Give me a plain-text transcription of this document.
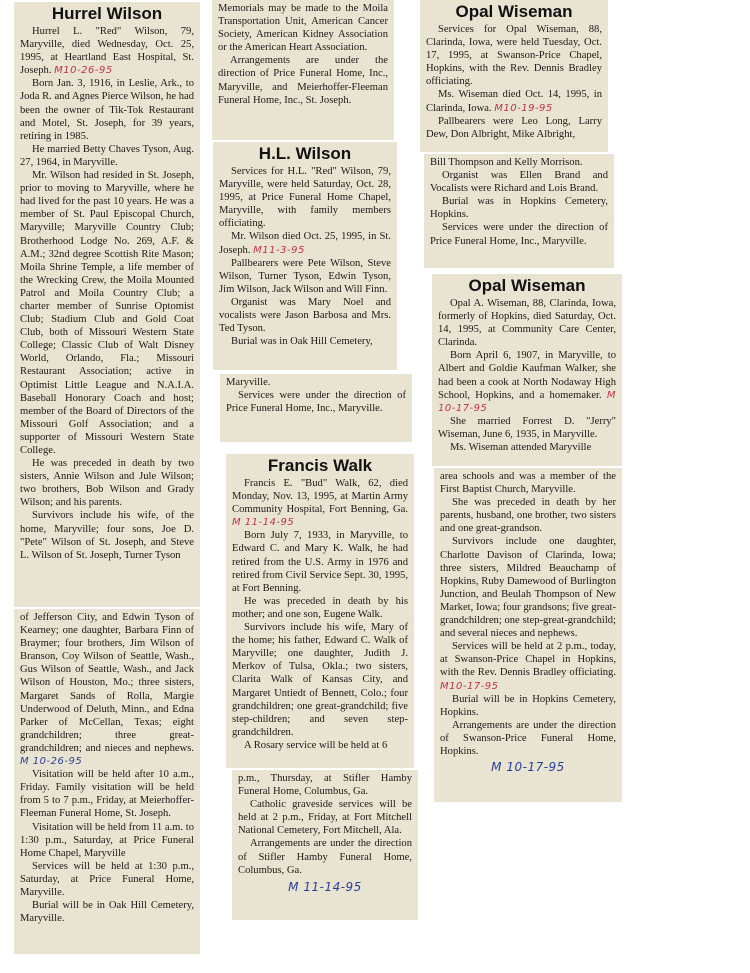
Hurrel Wilson

Hurrel L. "Red" Wilson, 79, Maryville, died Wednesday, Oct. 25, 1995, at Heartland East Hospital, St. Joseph. M10-26-95

Born Jan. 3, 1916, in Leslie, Ark., to Joda R. and Agnes Pierce Wilson, he had been the owner of Tik-Tok Restaurant and Motel, St. Joseph, for 39 years, retiring in 1985.

He married Betty Chaves Tyson, Aug. 27, 1964, in Maryville.

Mr. Wilson had resided in St. Joseph, prior to moving to Maryville, where he had lived for the past 10 years. He was a member of St. Paul Episcopal Church, Maryville; Maryville Country Club; Brotherhood Lodge No. 269, A.F. & A.M.; 32nd degree Scottish Rite Mason; Moila Shrine Temple, a life member of the Wrecking Crew, the Moila Mounted Patrol and Moila Country Club; a charter member of Sunrise Optomist Club; Stadium Club and Gold Coat Club, both of Missouri Western State College; Classic Club of Walt Disney World, Orlando, Fla.; Missouri Restaurant Association; active in Optimist Little League and N.A.I.A. Baseball Honorary Coach and host; member of the Board of Directors of the Missouri Golf Association; and a supporter of Missouri Western State College.

He was preceded in death by two sisters, Annie Wilson and Jule Wilson; two brothers, Bob Wilson and Grady Wilson; and his parents.

Survivors include his wife, of the home, Maryville; four sons, Joe D. "Pete" Wilson of St. Joseph, and Steve L. Wilson of St. Joseph, Turner Tyson

of Jefferson City, and Edwin Tyson of Kearney; one daughter, Barbara Finn of Braymer; four brothers, Jim Wilson of Branson, Coy Wilson of Seattle, Wash., Gus Wilson of Seattle, Wash., and Jack Wilson of Houston, Mo.; three sisters, Margaret Sands of Rolla, Margie Underwood of Deluth, Minn., and Edna Parker of McCellan, Texas; eight grandchildren; three great-grandchildren; and nieces and nephews. M 10-26-95

Visitation will be held after 10 a.m., Friday. Family visitation will be held from 5 to 7 p.m., Friday, at Meierhoffer-Fleeman Funeral Home, St. Joseph.

Visitation will be held from 11 a.m. to 1:30 p.m., Saturday, at Price Funeral Home Chapel, Maryville

Services will be held at 1:30 p.m., Saturday, at Price Funeral Home, Maryville.

Burial will be in Oak Hill Cemetery, Maryville.

Memorials may be made to the Moila Transportation Unit, American Cancer Society, American Kidney Association or the American Heart Association.

Arrangements are under the direction of Price Funeral Home, Inc., Maryville, and Meierhoffer-Fleeman Funeral Home, Inc., St. Joseph.

H.L. Wilson

Services for H.L. "Red" Wilson, 79, Maryville, were held Saturday, Oct. 28, 1995, at Price Funeral Home Chapel, Maryville, with family members officiating.

Mr. Wilson died Oct. 25, 1995, in St. Joseph. M11-3-95

Pallbearers were Pete Wilson, Steve Wilson, Turner Tyson, Edwin Tyson, Jim Wilson, Jack Wilson and Will Finn.

Organist was Mary Noel and vocalists were Jason Barbosa and Mrs. Ted Tyson.

Burial was in Oak Hill Cemetery,

Maryville.

Services were under the direction of Price Funeral Home, Inc., Maryville.

Francis Walk

Francis E. "Bud" Walk, 62, died Monday, Nov. 13, 1995, at Martin Army Community Hospital, Fort Benning, Ga. M 11-14-95

Born July 7, 1933, in Maryville, to Edward C. and Mary K. Walk, he had retired from the U.S. Army in 1976 and retired from Civil Service Sept. 30, 1995, at Fort Benning.

He was preceded in death by his mother; and one son, Eugene Walk.

Survivors include his wife, Mary of the home; his father, Edward C. Walk of Maryville; one daughter, Judith J. Merkov of Tulsa, Okla.; two sisters, Clarita Walk of Kansas City, and Margaret Untiedt of Bennett, Colo.; four grandchildren; one great-grandchild; five step-children; and seven step-grandchildren.

A Rosary service will be held at 6

p.m., Thursday, at Stifler Hamby Funeral Home, Columbus, Ga.

Catholic graveside services will be held at 2 p.m., Friday, at Fort Mitchell National Cemetery, Fort Mitchell, Ala.

Arrangements are under the direction of Stifler Hamby Funeral Home, Columbus, Ga.

M 11-14-95

Opal Wiseman

Services for Opal Wiseman, 88, Clarinda, Iowa, were held Tuesday, Oct. 17, 1995, at Swanson-Price Chapel, Hopkins, with the Rev. Dennis Bradley officiating.

Ms. Wiseman died Oct. 14, 1995, in Clarinda, Iowa. M10-19-95

Pallbearers were Leo Long, Larry Dew, Don Albright, Mike Albright,

Bill Thompson and Kelly Morrison.

Organist was Ellen Brand and Vocalists were Richard and Lois Brand.

Burial was in Hopkins Cemetery, Hopkins.

Services were under the direction of Price Funeral Home, Inc., Maryville.

Opal Wiseman

Opal A. Wiseman, 88, Clarinda, Iowa, formerly of Hopkins, died Saturday, Oct. 14, 1995, at Community Care Center, Clarinda.

Born April 6, 1907, in Maryville, to Albert and Goldie Kaufman Walker, she had been a cook at North Nodaway High School, Hopkins, and a homemaker. M 10-17-95

She married Forrest D. "Jerry" Wiseman, June 6, 1935, in Maryville.

Ms. Wiseman attended Maryville

area schools and was a member of the First Baptist Church, Maryville.

She was preceded in death by her parents, husband, one brother, two sisters and one great-grandson.

Survivors include one daughter, Charlotte Davison of Clarinda, Iowa; three sisters, Mildred Beauchamp of Hopkins, Ruby Damewood of Burlington Junction, and Beulah Thompson of New Market, Iowa; four grandsons; five great-grandchildren; one step-great-grandchild; and several nieces and nephews.

Services will be held at 2 p.m., today, at Swanson-Price Chapel in Hopkins, with the Rev. Dennis Bradley officiating. M10-17-95

Burial will be in Hopkins Cemetery, Hopkins.

Arrangements are under the direction of Swanson-Price Funeral Home, Hopkins.

M 10-17-95
